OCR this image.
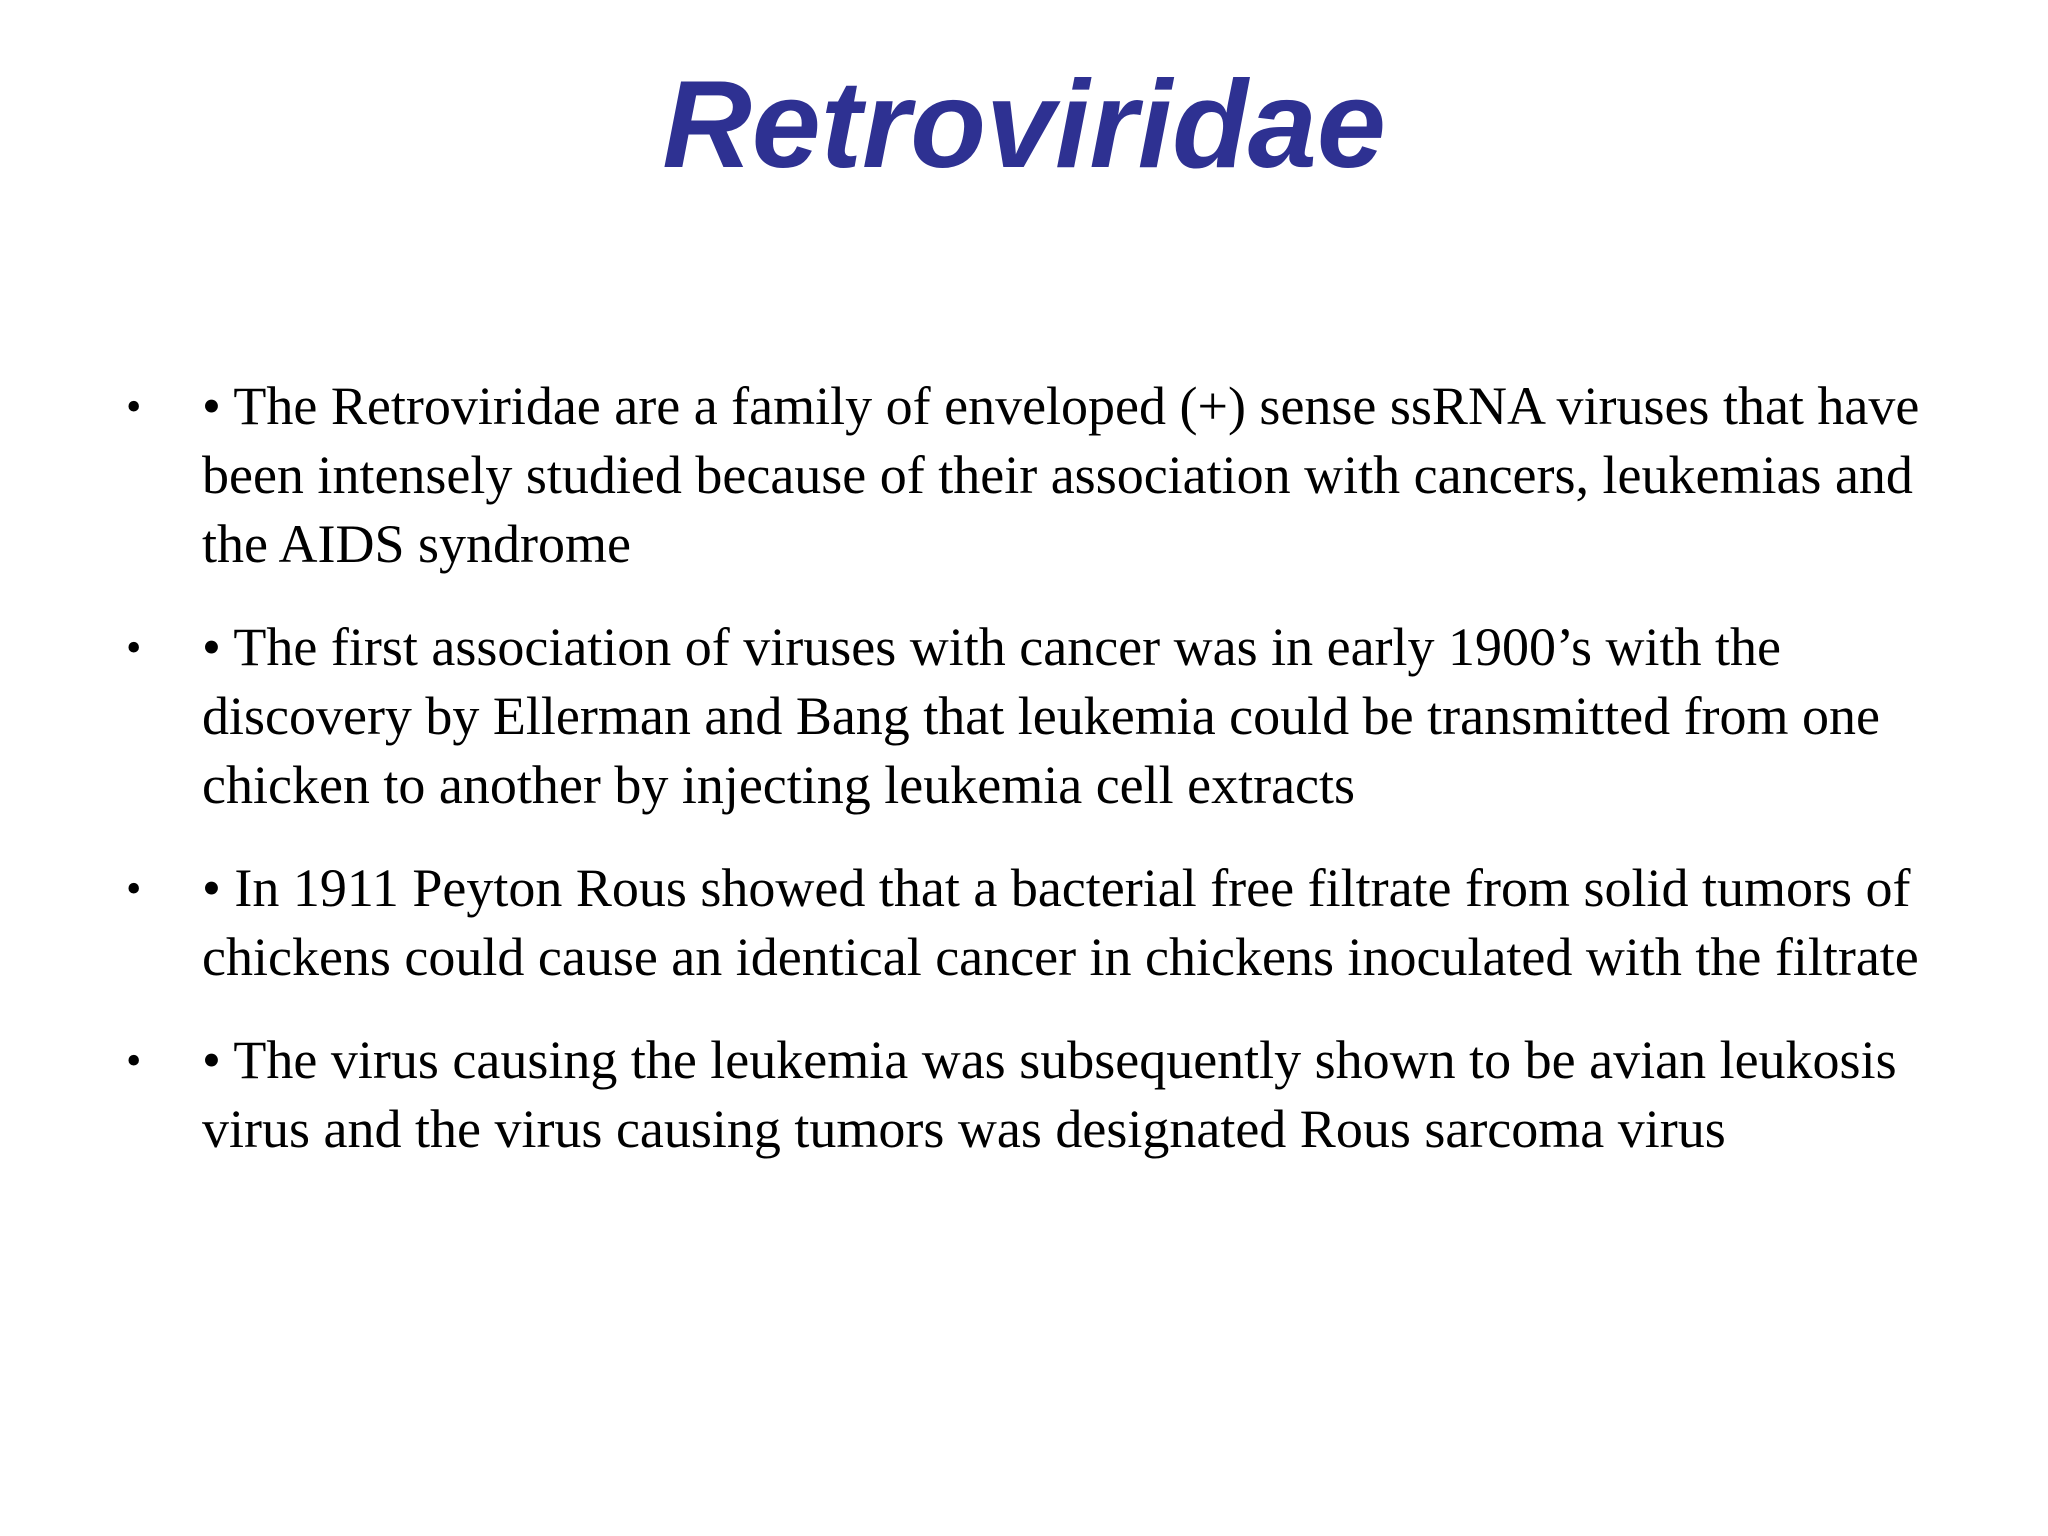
Retroviridae
•	• The Retroviridae are a family of enveloped (+) sense ssRNA viruses that have been intensely studied because of their association with cancers, leukemias and the AIDS syndrome
•	• The first association of viruses with cancer was in early 1900’s with the discovery by Ellerman and Bang that leukemia could be transmitted from one chicken to another by injecting leukemia cell extracts
•	• In 1911 Peyton Rous showed that a bacterial free filtrate from solid tumors of chickens could cause an identical cancer in chickens inoculated with the filtrate
•	• The virus causing the leukemia was subsequently shown to be avian leukosis virus and the virus causing tumors was designated Rous sarcoma virus
